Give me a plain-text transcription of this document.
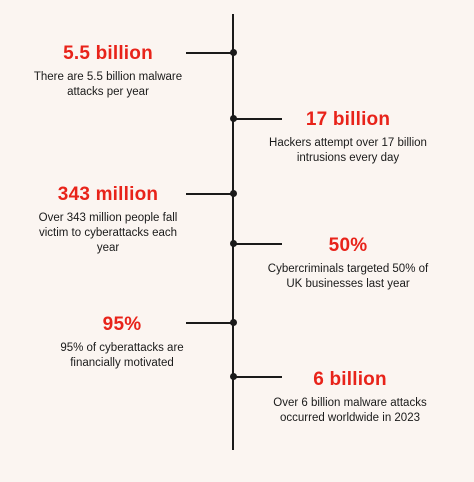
5.5 billion
There are 5.5 billion malware attacks per year
17 billion
Hackers attempt over 17 billion intrusions every day
343 million
Over 343 million people fall victim to cyberattacks each year	50%
Cybercriminals targeted 50% of UK businesses last year
95%
95% of cyberattacks are financially motivated
6 billion
Over 6 billion malware attacks occurred worldwide in 2023
